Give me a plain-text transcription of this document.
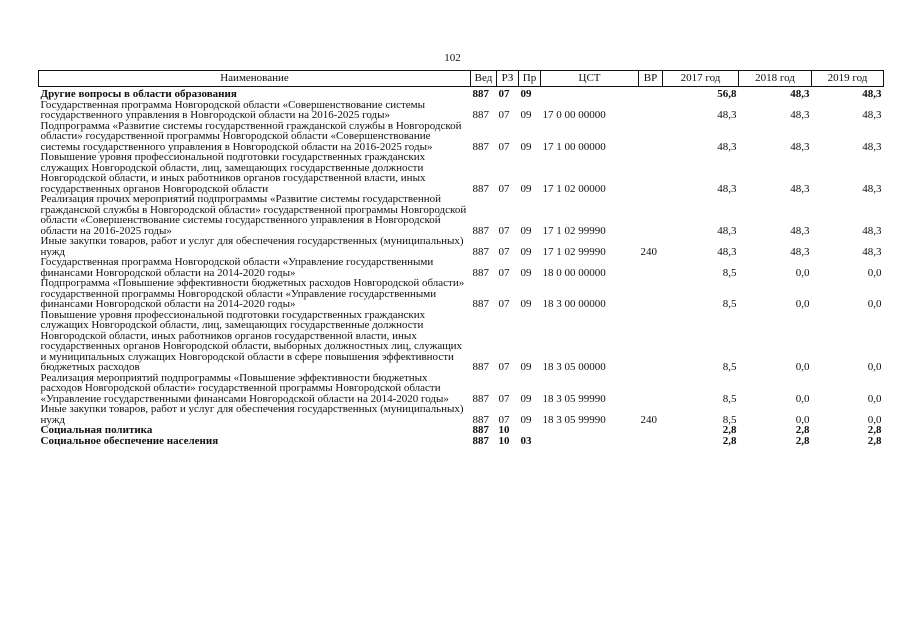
102
Наименование	Вед	РЗ	Пр	ЦСТ	ВР	2017 год	2018 год	2019 год
Другие вопросы в области образования	887	07	09			56,8	48,3	48,3
Государственная программа Новгородской области «Совершенствование системы государственного управления в Новгородской области на 2016-2025 годы»	887	07	09	17 0 00 00000		48,3	48,3	48,3
Подпрограмма «Развитие системы государственной гражданской службы в Новгородской области» государственной программы Новгородской области «Совершенствование системы государственного управления в Новгородской области на 2016-2025 годы»	887	07	09	17 1 00 00000		48,3	48,3	48,3
Повышение уровня профессиональной подготовки государственных гражданских служащих Новгородской области, лиц, замещающих государственные должности Новгородской области, и иных работников органов государственной власти, иных государственных органов Новгородской области	887	07	09	17 1 02 00000		48,3	48,3	48,3
Реализация прочих мероприятий подпрограммы «Развитие системы государственной гражданской службы в Новгородской области» государственной программы Новгородской области «Совершенствование системы государственного управления в Новгородской области на 2016-2025 годы»	887	07	09	17 1 02 99990		48,3	48,3	48,3
Иные закупки товаров, работ и услуг для обеспечения государственных (муниципальных) нужд	887	07	09	17 1 02 99990	240	48,3	48,3	48,3
Государственная программа Новгородской области «Управление государственными финансами Новгородской области на 2014-2020 годы»	887	07	09	18 0 00 00000		8,5	0,0	0,0
Подпрограмма «Повышение эффективности бюджетных расходов Новгородской области» государственной программы Новгородской области «Управление государственными финансами Новгородской области на 2014-2020 годы»	887	07	09	18 3 00 00000		8,5	0,0	0,0
Повышение уровня профессиональной подготовки государственных гражданских служащих Новгородской области, лиц, замещающих государственные должности Новгородской области, иных работников органов государственной власти, иных государственных органов Новгородской области, выборных должностных лиц, служащих и муниципальных служащих Новгородской области в сфере повышения эффективности бюджетных расходов	887	07	09	18 3 05 00000		8,5	0,0	0,0
Реализация мероприятий подпрограммы «Повышение эффективности бюджетных расходов Новгородской области» государственной программы Новгородской области «Управление государственными финансами Новгородской области на 2014-2020 годы»	887	07	09	18 3 05 99990		8,5	0,0	0,0
Иные закупки товаров, работ и услуг для обеспечения государственных (муниципальных) нужд	887	07	09	18 3 05 99990	240	8,5	0,0	0,0
Социальная политика	887	10				2,8	2,8	2,8
Социальное обеспечение населения	887	10	03			2,8	2,8	2,8
